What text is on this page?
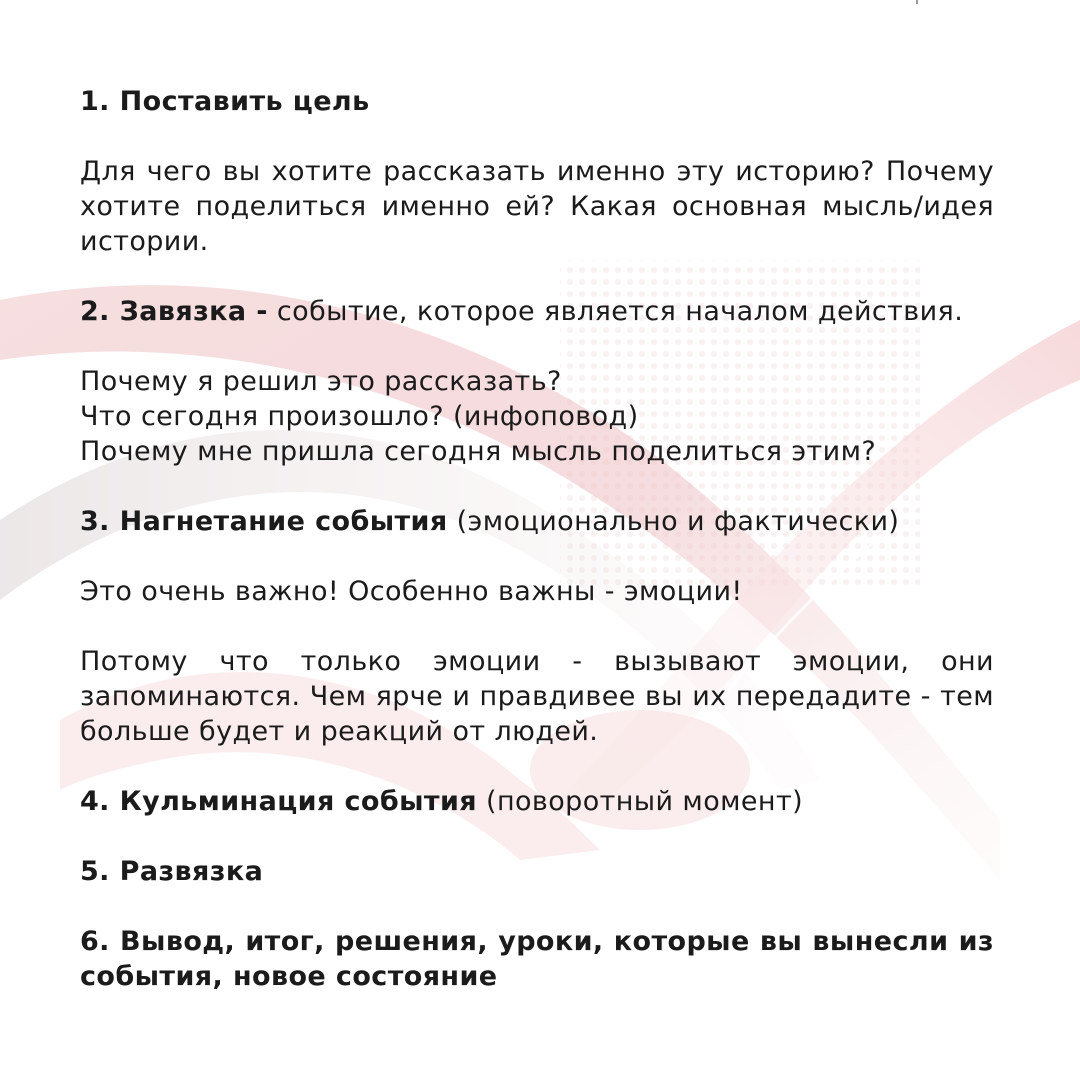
1. Поставить цель
Для чего вы хотите рассказать именно эту историю? Почему хотите поделиться именно ей? Какая основная мысль/идея истории.
2. Завязка - событие, которое является началом действия.
Почему я решил это рассказать?
Что сегодня произошло? (инфоповод)
Почему мне пришла сегодня мысль поделиться этим?
3. Нагнетание события (эмоционально и фактически)
Это очень важно! Особенно важны - эмоции!
Потому что только эмоции - вызывают эмоции, они запоминаются. Чем ярче и правдивее вы их передадите - тем больше будет и реакций от людей.
4. Кульминация события (поворотный момент)
5. Развязка
6. Вывод, итог, решения, уроки, которые вы вынесли из события, новое состояние
